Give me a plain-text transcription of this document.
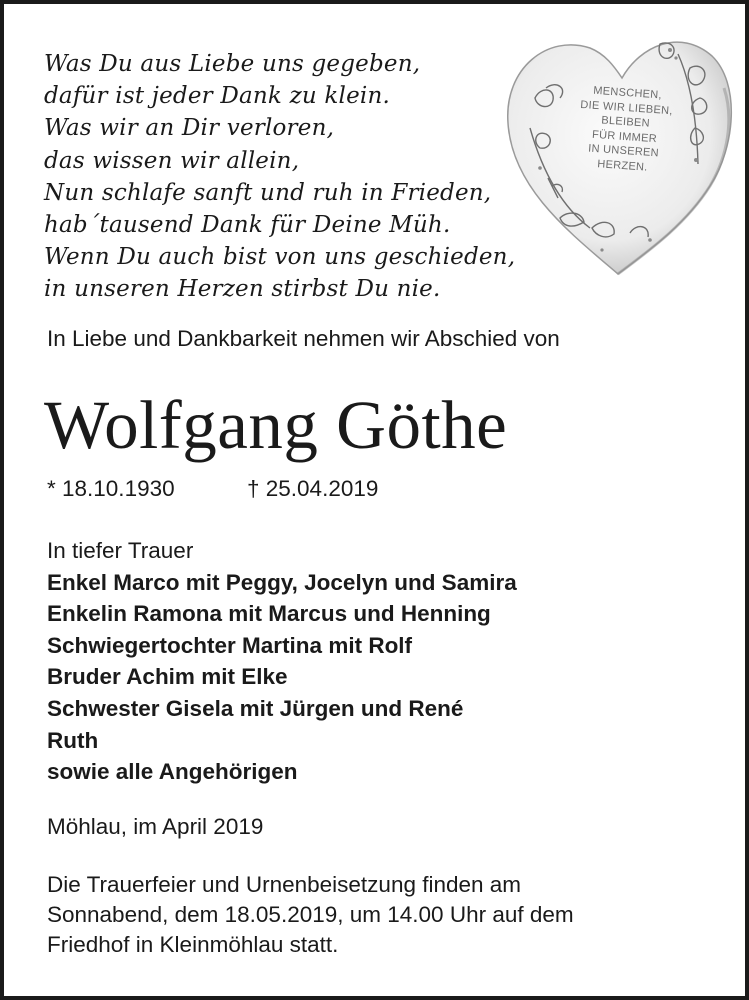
Was Du aus Liebe uns gegeben,
dafür ist jeder Dank zu klein.
Was wir an Dir verloren,
das wissen wir allein,
Nun schlafe sanft und ruh in Frieden,
hab´tausend Dank für Deine Müh.
Wenn Du auch bist von uns geschieden,
in unseren Herzen stirbst Du nie.
MENSCHEN,
DIE WIR LIEBEN,
BLEIBEN
FÜR IMMER
IN UNSEREN
HERZEN.
In Liebe und Dankbarkeit nehmen wir Abschied von
Wolfgang Göthe
* 18.10.1930	† 25.04.2019
In tiefer Trauer
Enkel Marco mit Peggy, Jocelyn und Samira
Enkelin Ramona mit Marcus und Henning
Schwiegertochter Martina mit Rolf
Bruder Achim mit Elke
Schwester Gisela mit Jürgen und René
Ruth
sowie alle Angehörigen
Möhlau, im April 2019
Die Trauerfeier und Urnenbeisetzung finden am
Sonnabend, dem 18.05.2019, um 14.00 Uhr auf dem
Friedhof in Kleinmöhlau statt.
